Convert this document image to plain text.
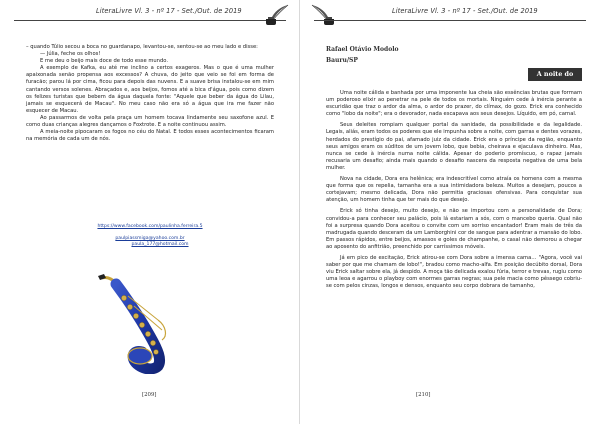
LiteraLivre Vl. 3 - nº 17 - Set./Out. de 2019

– quando Túlio secou a boca no guardanapo, levantou-se, sentou-se ao meu lado e disse:

— Júlia, feche os olhos!

E me deu o beijo mais doce de todo esse mundo.

A exemplo de Kafka, eu até me inclino a certos exageros. Mas o que é uma mulher apaixonada senão propensa aos excessos? A chuva, do jeito que veio se foi em forma de furacão; parou lá por cima, ficou para depois das nuvens. E a suave brisa instalou-se em mim cantando versos solenes. Abraçados e, aos beijos, fomos até a bica d'água, pois como dizem os felizes turistas que bebem da água daquela fonte: "Aquele que beber da água do Lilau, jamais se esquecerá de Macau". No meu caso não era só a água que ira me fazer não esquecer de Macau.

Ao passarmos de volta pela praça um homem tocava lindamente seu saxofone azul. E como duas crianças alegres dançamos o Foxtrote. E a noite continuou assim.

A meia-noite pipocaram os fogos no céu do Natal. E todos esses acontecimentos ficaram na memória de cada um de nós.

https://www.facebook.com/paulinha.ferreira.5
paulpiassmiga@yahoo.com.br
paula_177@hotmail.com
[209]
LiteraLivre Vl. 3 - nº 17 - Set./Out. de 2019
Rafael Otávio Modolo
Bauru/SP
A noite do lobo

Uma noite cálida e banhada por uma imponente lua cheia são essências brutas que formam um poderoso elixir ao penetrar na pele de todos os mortais. Ninguém cede à inércia perante a escuridão que traz o ardor da alma, o ardor do prazer, do clímax, do gozo. Erick era conhecido como "lobo da noite"; era o devorador, nada escapava aos seus desejos. Líquido, em pó, carnal.

Seus deleites rompiam qualquer portal da sanidade, da possibilidade e da legalidade. Legais, aliás, eram todos os poderes que ele impunha sobre a noite, com garras e dentes vorazes, herdados do prestígio do pai, afamado juiz da cidade. Erick era o príncipe da região, enquanto seus amigos eram os súditos de um jovem lobo, que bebia, cheirava e ejaculava dinheiro. Mas, nunca se cede à inércia numa noite cálida. Apesar do poderio promíscuo, o rapaz jamais recusaria um desafio; ainda mais quando o desafio nascera da resposta negativa de uma bela mulher.

Nova na cidade, Dora era helênica; era indescritível como atraía os homens com a mesma que forma que os repelia, tamanha era a sua intimidadora beleza. Muitos a desejam, poucos a cortejavam; mesmo delicada, Dora não permitia graciosas ofensivas. Para conquistar sua atenção, um homem tinha que ter mais do que desejo.

Erick só tinha desejo, muito desejo, e não se importou com a personalidade de Dora; convidou-a para conhecer seu palácio, pois lá estariam a sós, com o mancebo queria. Qual não foi a surpresa quando Dora aceitou o convite com um sorriso encantador! Eram mais de três da madrugada quando desceram da um Lamborghini cor de sangue para adentrar a mansão do lobo. Em passos rápidos, entre beijos, amassos e goles de champanhe, o casal não demorou a chegar ao aposento do anfitrião, preenchido por carríssimos móveis.

Já em pico de excitação, Erick atirou-se com Dora sobre a imensa cama… "Agora, você vai saber por que me chamam de lobo!", bradou como macho-alfa. Em posição decúbito dorsal, Dora viu Erick saltar sobre ela, já despido. A moça tão delicada exalou fúria, terror e trevas, rugiu como uma leoa e agarrou o playboy com enormes garras negras; sua pele macia como pêssego cobriu-se com pelos cinzas, longos e densos, enquanto seu corpo dobrara de tamanho,

[210]
